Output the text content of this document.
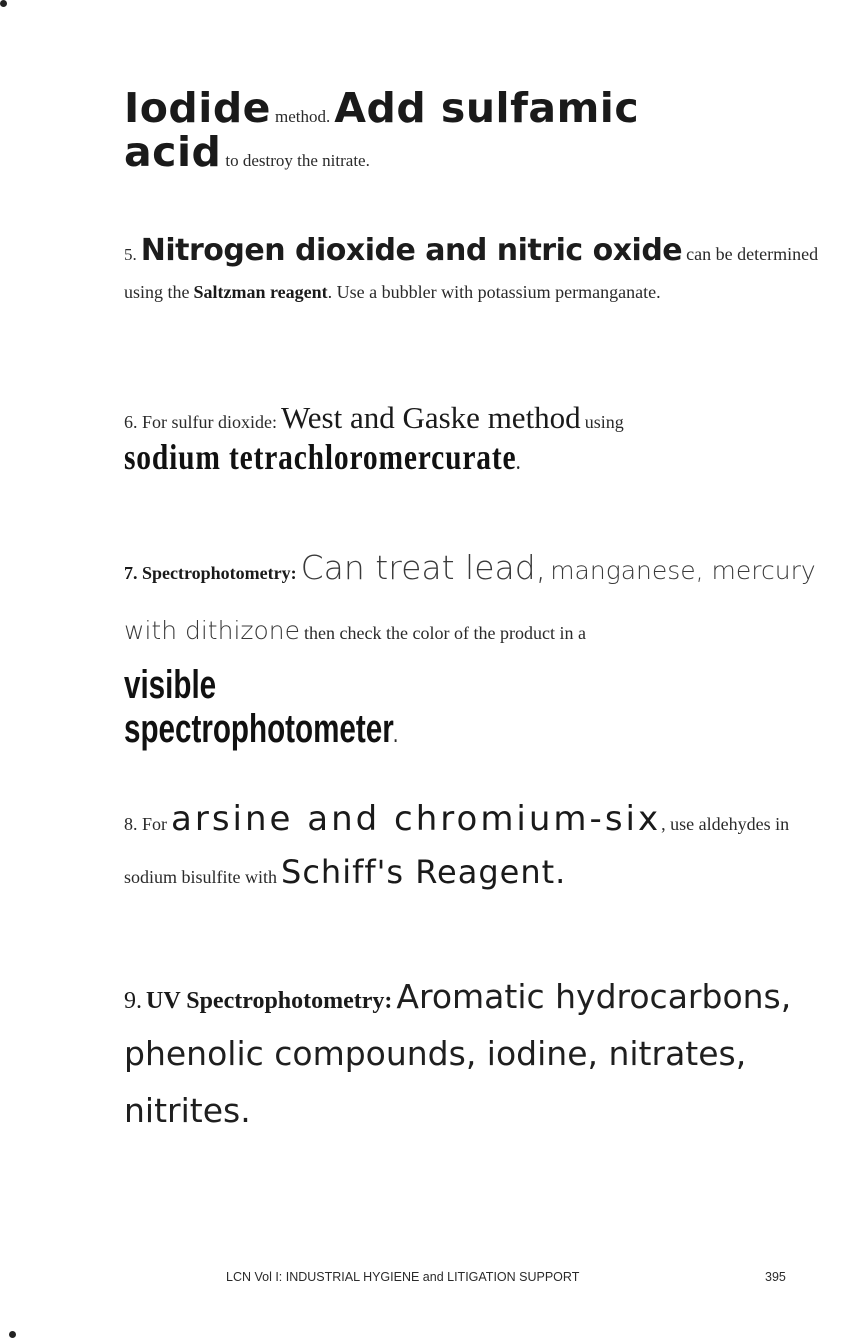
Iodide method. Add sulfamic
acid to destroy the nitrate.

5. Nitrogen dioxide and nitric oxide can be determined using the Saltzman reagent. Use a bubbler with potassium permanganate.

6. For sulfur dioxide: West and Gaske method using
sodium tetrachloromercurate.

7. Spectrophotometry: Can treat lead, manganese, mercury with dithizone then check the color of the product in a visible
spectrophotometer.

8. For arsine and chromium-six, use aldehydes in sodium bisulfite with Schiff's Reagent.

9. UV Spectrophotometry: Aromatic hydrocarbons, phenolic compounds, iodine, nitrates, nitrites.

LCN Vol I: INDUSTRIAL HYGIENE and LITIGATION SUPPORT	395
